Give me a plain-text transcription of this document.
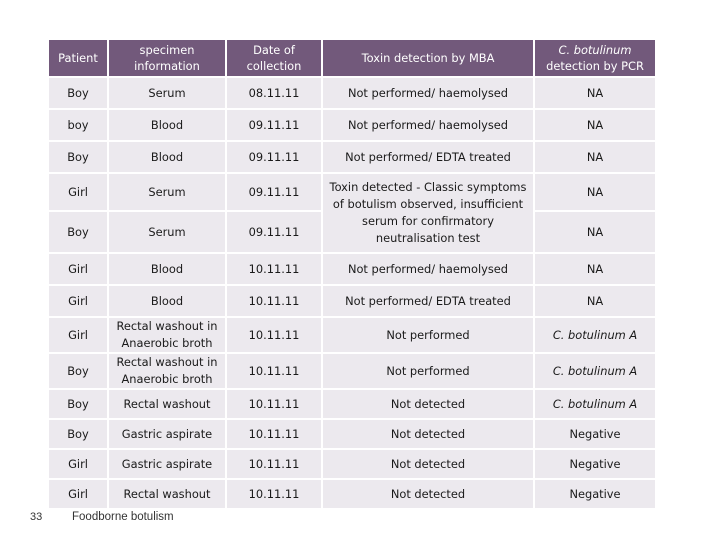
Patient	specimen information	Date of collection	Toxin detection by MBA	C. botulinum detection by PCR
Boy	Serum	08.11.11	Not performed/ haemolysed	NA
boy	Blood	09.11.11	Not performed/ haemolysed	NA
Boy	Blood	09.11.11	Not performed/ EDTA treated	NA
Girl	Serum	09.11.11	Toxin detected - Classic symptoms of botulism observed, insufficient serum for confirmatory neutralisation test	NA
Boy	Serum	09.11.11		NA
Girl	Blood	10.11.11	Not performed/ haemolysed	NA
Girl	Blood	10.11.11	Not performed/ EDTA treated	NA
Girl	Rectal washout in Anaerobic broth	10.11.11	Not performed	C. botulinum A
Boy	Rectal washout in Anaerobic broth	10.11.11	Not performed	C. botulinum A
Boy	Rectal washout	10.11.11	Not detected	C. botulinum A
Boy	Gastric aspirate	10.11.11	Not detected	Negative
Girl	Gastric aspirate	10.11.11	Not detected	Negative
Girl	Rectal washout	10.11.11	Not detected	Negative
33	Foodborne botulism
